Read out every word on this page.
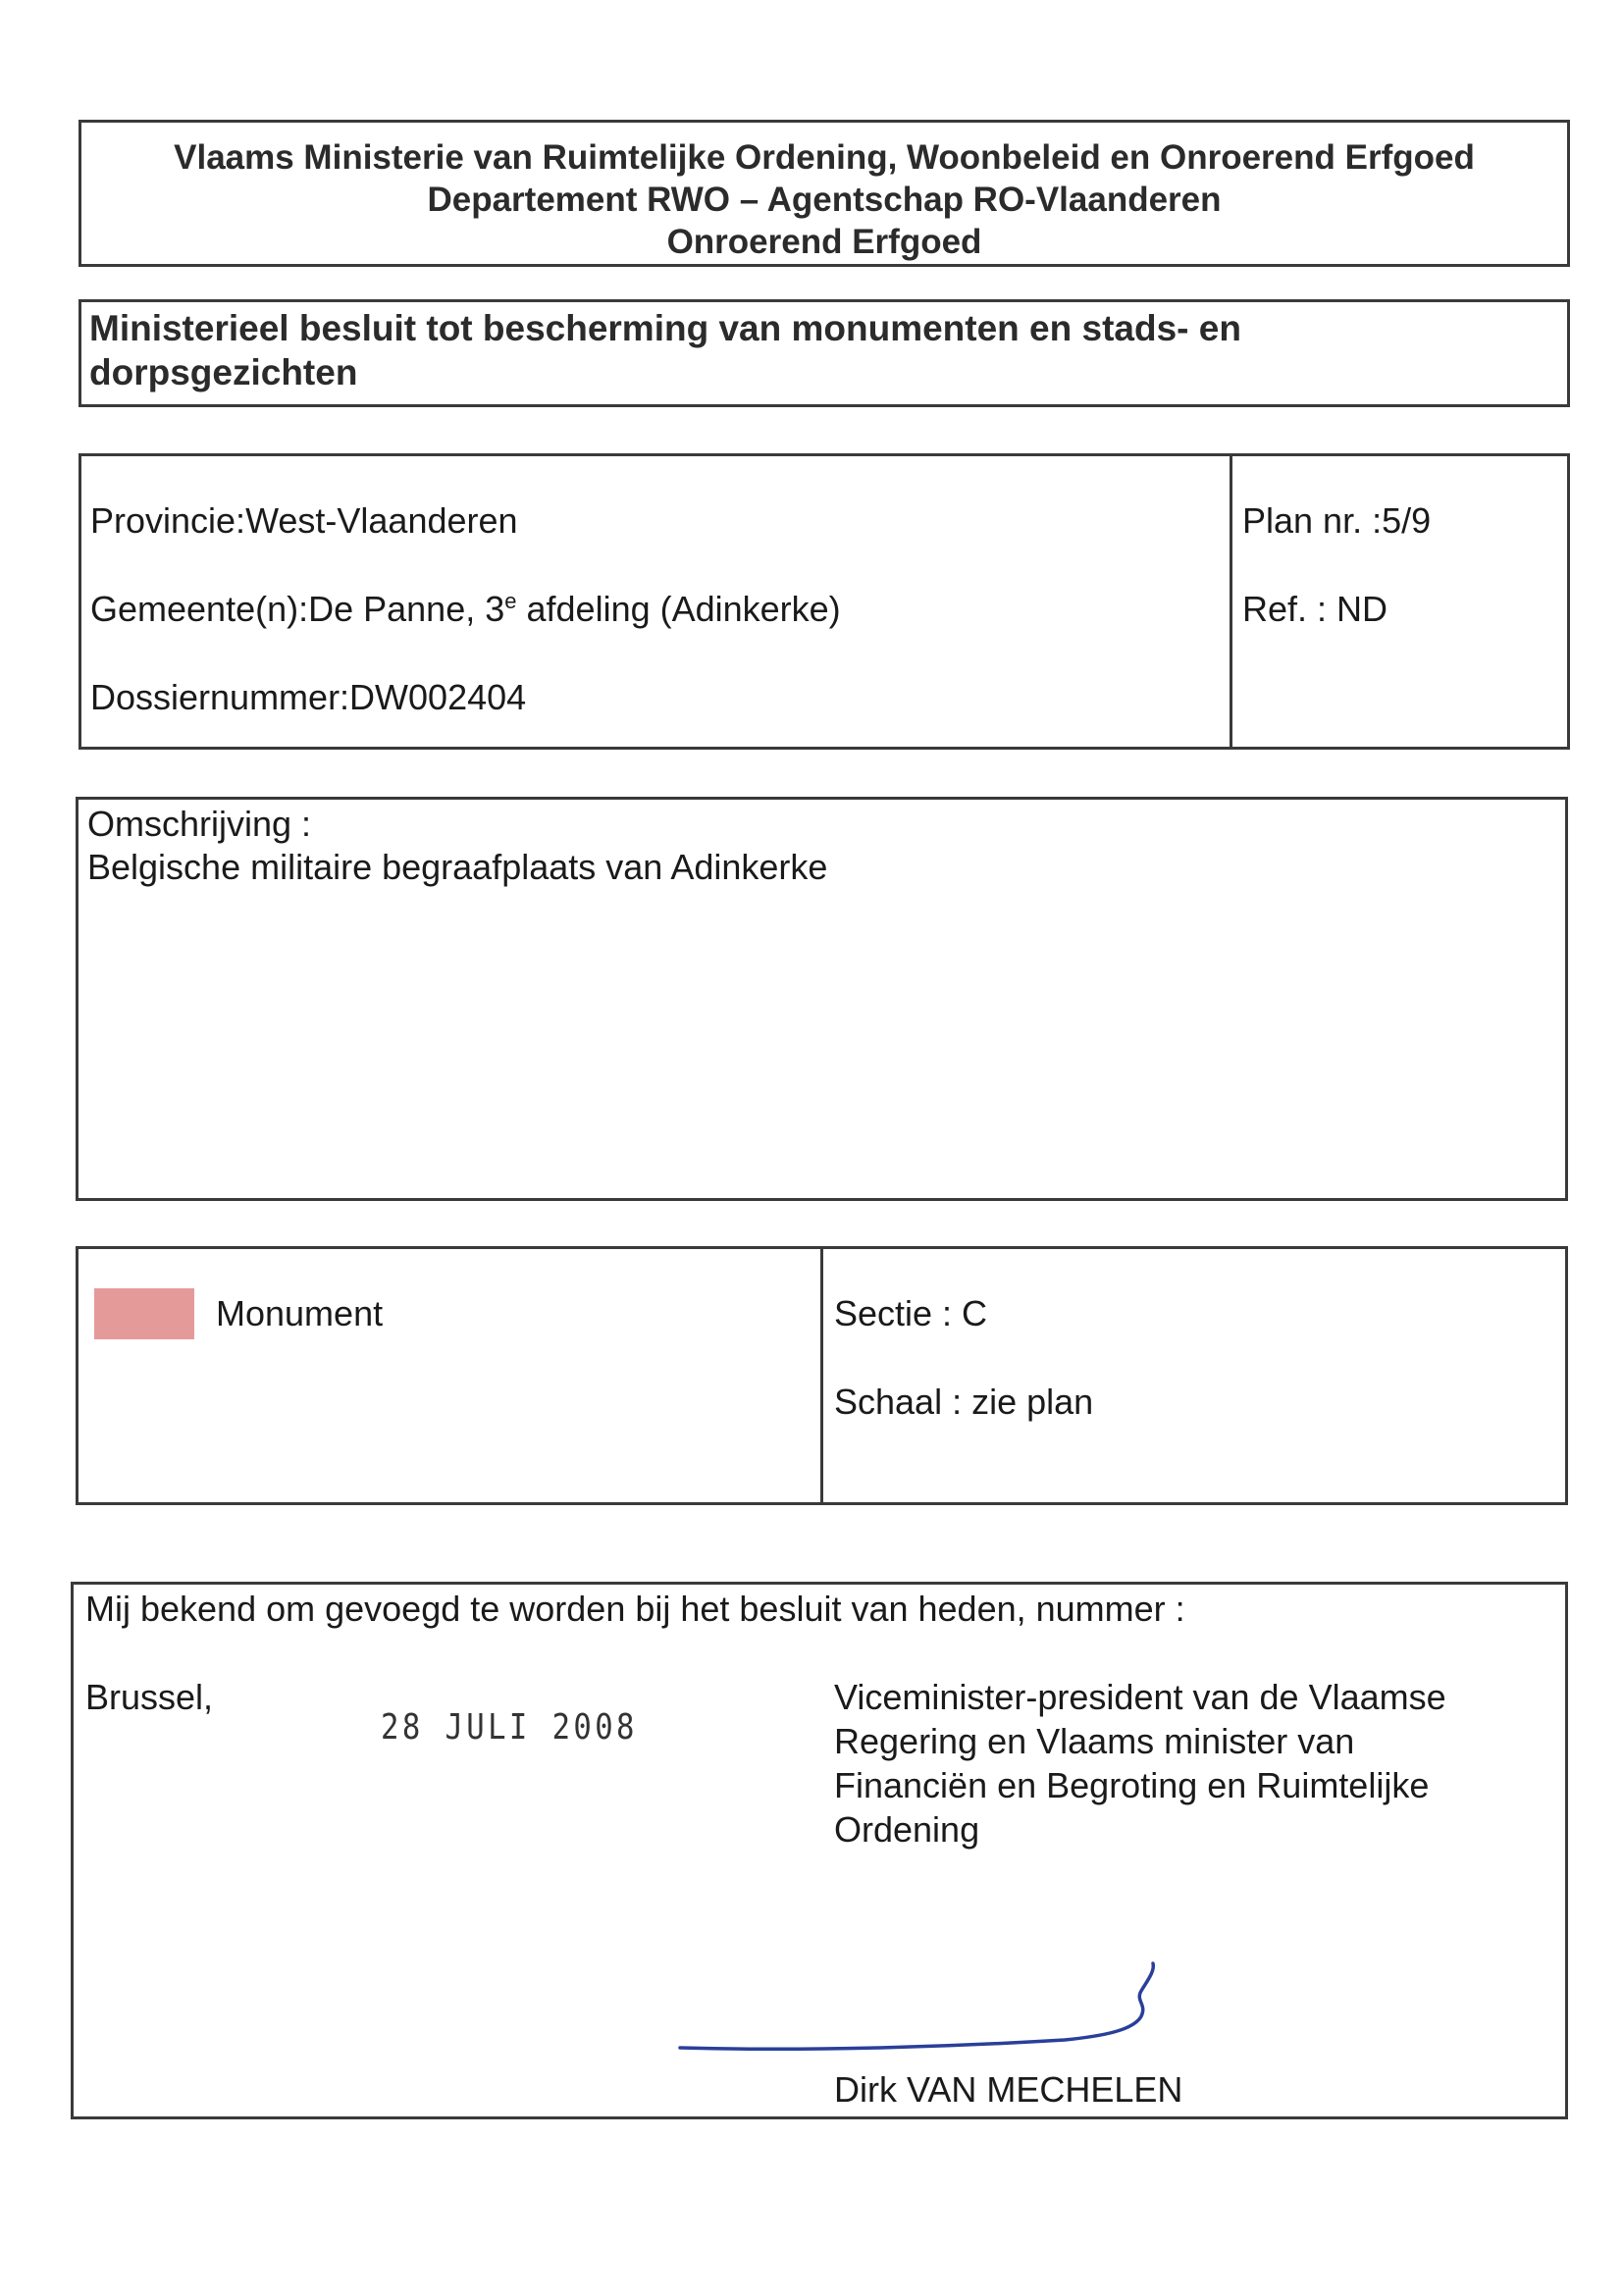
Vlaams Ministerie van Ruimtelijke Ordening, Woonbeleid en Onroerend Erfgoed
Departement RWO – Agentschap RO-Vlaanderen
Onroerend Erfgoed
Ministerieel besluit tot bescherming van monumenten en stads- en
dorpsgezichten
Provincie:West-Vlaanderen
Gemeente(n):De Panne, 3e afdeling (Adinkerke)
Dossiernummer:DW002404
Plan nr. :5/9
Ref. : ND
Omschrijving :
Belgische militaire begraafplaats van Adinkerke
Monument	Sectie : C
Schaal : zie plan
Mij bekend om gevoegd te worden bij het besluit van heden, nummer :
Brussel,
28 JULI 2008
Viceminister-president van de Vlaamse
Regering en Vlaams minister van
Financiën en Begroting en Ruimtelijke
Ordening
Dirk VAN MECHELEN
